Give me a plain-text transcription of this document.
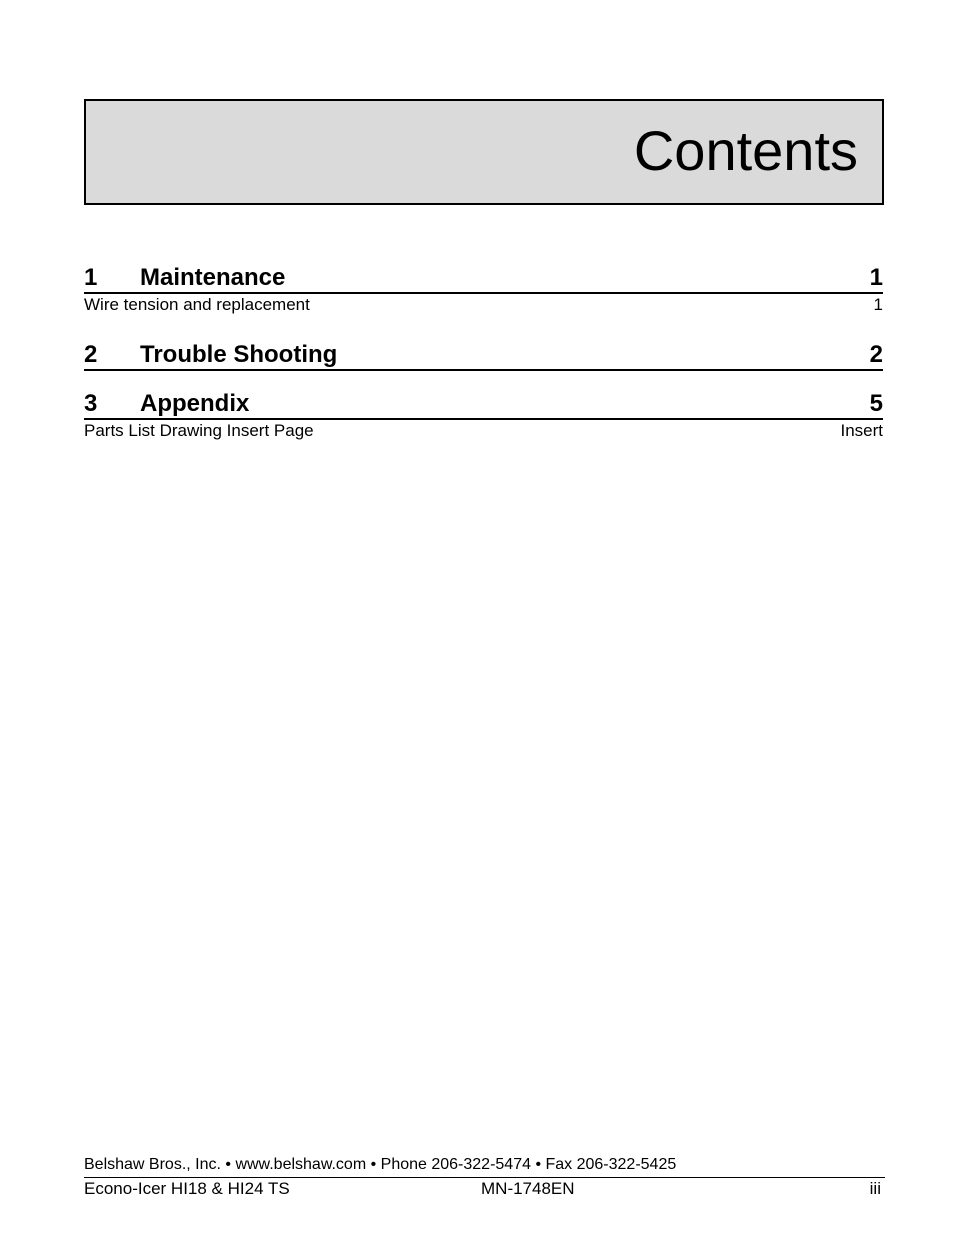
Contents
1	Maintenance	1
Wire tension and replacement	1
2	Trouble Shooting	2
3	Appendix	5
Parts List Drawing Insert Page	Insert
Belshaw Bros., Inc. • www.belshaw.com • Phone 206-322-5474 • Fax 206-322-5425
Econo-Icer HI18 & HI24 TS	MN-1748EN	iii
